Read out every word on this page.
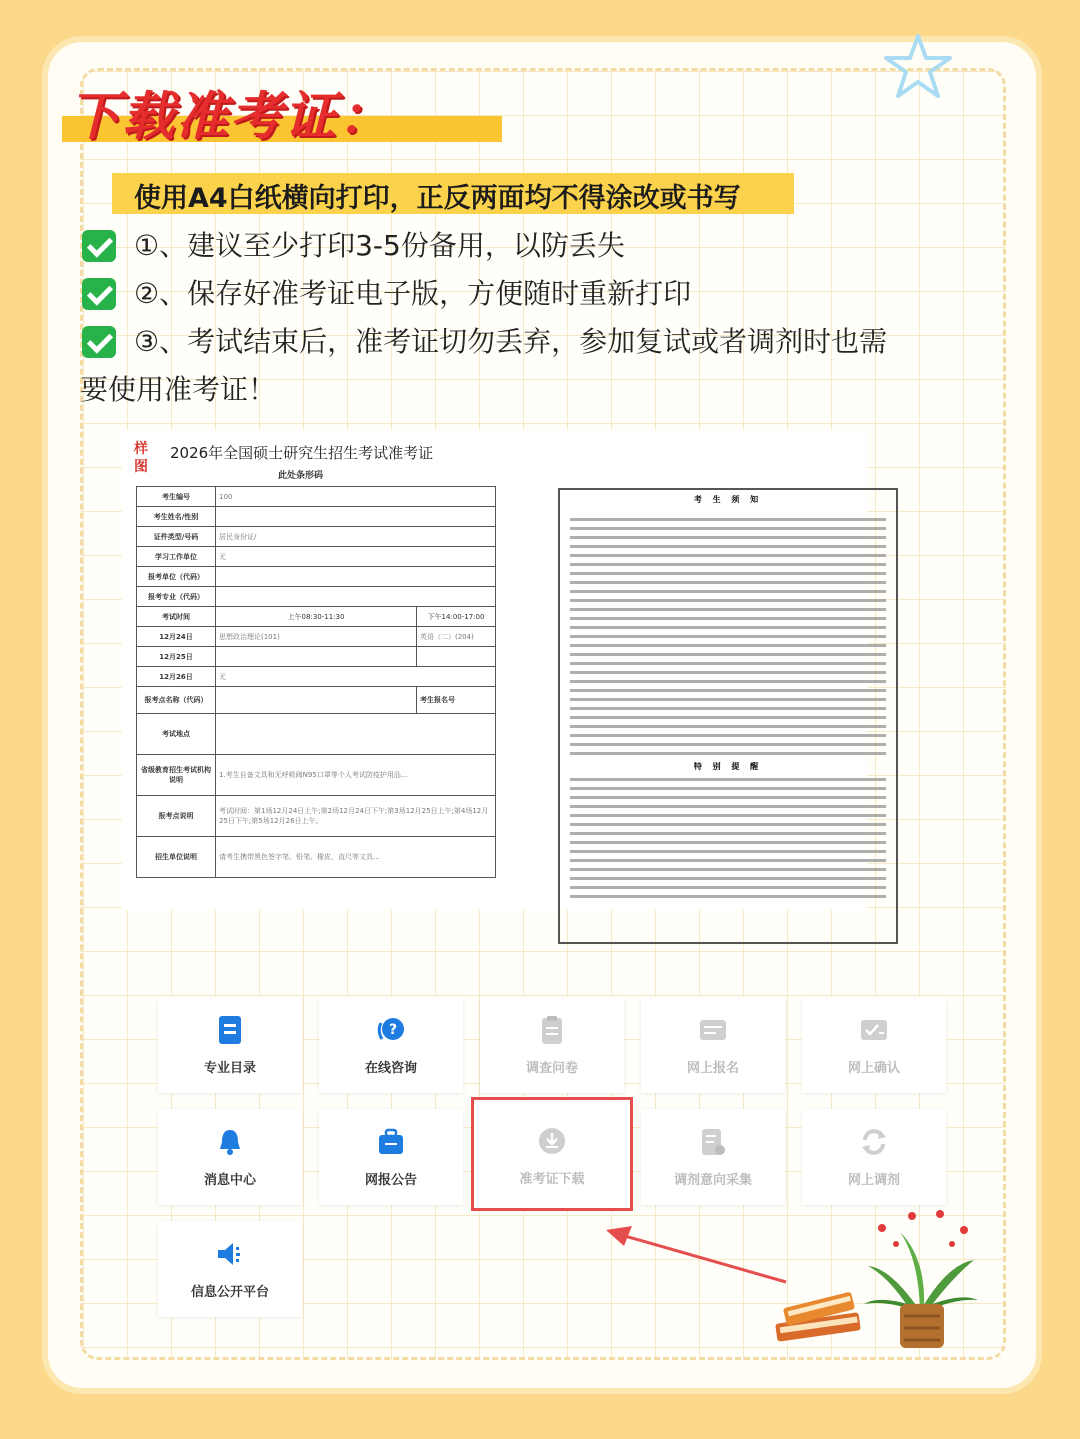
下载准考证：
使用A4白纸横向打印，正反两面均不得涂改或书写
①、建议至少打印3-5份备用，以防丢失
②、保存好准考证电子版，方便随时重新打印
③、考试结束后，准考证切勿丢弃，参加复试或者调剂时也需
要使用准考证！
样图
2026年全国硕士研究生招生考试准考证
此处条形码
考生编号	100	
考生姓名/性别		
证件类型/号码	居民身份证/	
学习工作单位	无	
报考单位（代码）		
报考专业（代码）		
考试时间	上午08:30-11:30	下午14:00-17:00
12月24日	思想政治理论(101)	英语（二）(204)
12月25日		
12月26日	无	
报考点名称（代码）		考生报名号
考试地点		
省级教育招生考试机构说明	1.考生自备文具和无呼吸阀N95口罩等个人考试防疫护用品...	
报考点说明	考试时间：第1场12月24日上午;第2场12月24日下午;第3场12月25日上午;第4场12月25日下午;第5场12月26日上午。	
招生单位说明	请考生携带黑色签字笔、铅笔、橡皮、直尺等文具...	
考 生 须 知
特 别 提 醒
专业目录
?
在线咨询	调查问卷	网上报名	网上确认
消息中心	网报公告	准考证下载	调剂意向采集	网上调剂
信息公开平台
